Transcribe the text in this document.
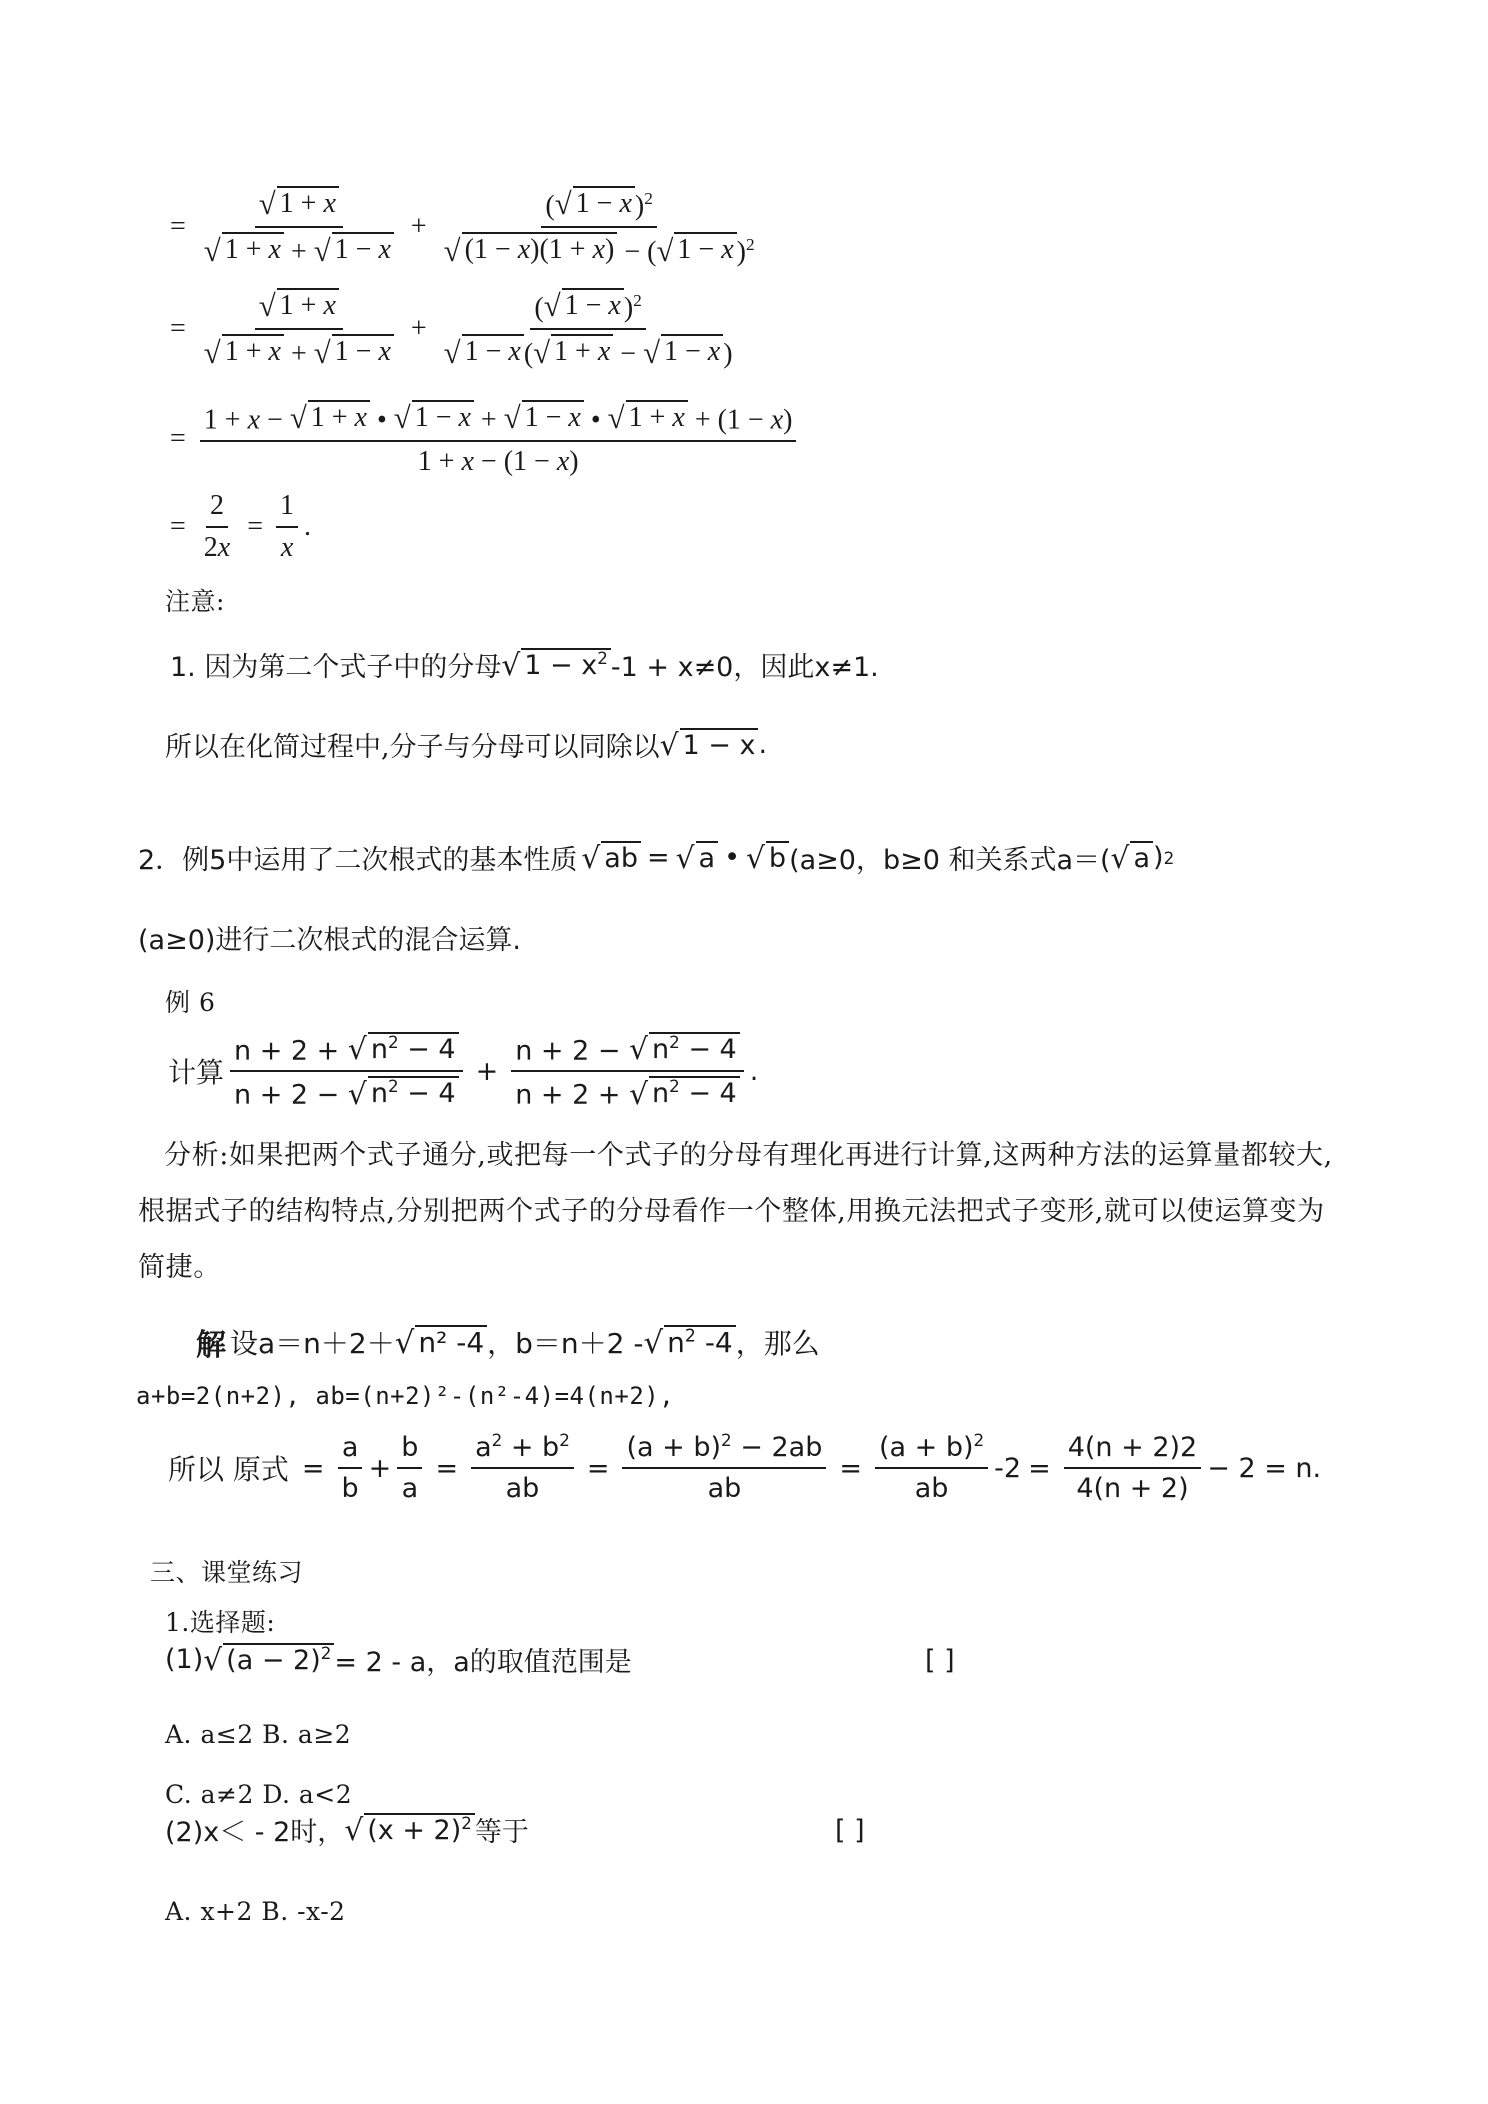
= $\frac{√ 1 + x}{√ 1 + x + √ 1 - x} + \frac{( √ 1 - x )^2}{√ (1 - x)(1 + x) - ( √ 1 - x )^2}$
= $\frac{√ 1 + x}{√ 1 + x + √ 1 - x} + \frac{( √ 1 - x )^2}{√ 1 - x ( √ 1 + x - √ 1 - x )}$
= $\frac{1 + x - √ 1 + x • √ 1 - x + √ 1 - x • √ 1 + x + (1 - x)}{1 + x - (1 - x)}$
= $\frac{2}{2x} = \frac{1}{x}$ .
注意:
1. 因为第二个式子中的分母 √ $1 - x^2$ -1 + x≠0，因此x≠1.
所以在化简过程中, 分子与分母可以同除以 √ 1 − x .
2．例5中运用了二次根式的基本性质 √ ab = √ a • √ b (a≥0，b≥0 和关系式a＝( √ a ) 2
(a≥0)进行二次根式的混合运算.
例 6
计算 $\frac{n + 2 + √ n^2 - 4}{n + 2 - √ n^2 - 4} + \frac{n + 2 - √ n^2 - 4}{n + 2 + √ n^2 - 4}$ .
分析:如果把两个式子通分,或把每一个式子的分母有理化再进行计算,这两种方法的运算量都较大,根据式子的结构特点,分别把两个式子的分母看作一个整体,用换元法把式子变形,就可以使运算变为简捷。
解 设a＝n＋2＋ √ n² -4 ，b＝n＋2 - √ $n^2$ -4 ，那么
a+b=2(n+2), ab=(n+2)²-(n²-4)=4(n+2),
所以 原式 = $\frac{a}{b} + \frac{b}{a} = \frac{a^2 + b^2}{ab} = \frac{(a + b)^2 - 2ab}{ab} = \frac{(a + b)^2}{ab} -2 = \frac{4(n + 2)2}{4(n + 2)} - 2 = n$.
三、课堂练习
1.选择题:
(1) √ $(a - 2)^2 = 2 - a$，a的取值范围是	[ ]
A. a≤2 B. a≥2
C. a≠2 D. a<2
(2)x＜ - 2时， √ $(x + 2)^2$ 等于	[ ]
A. x+2 B. -x-2
